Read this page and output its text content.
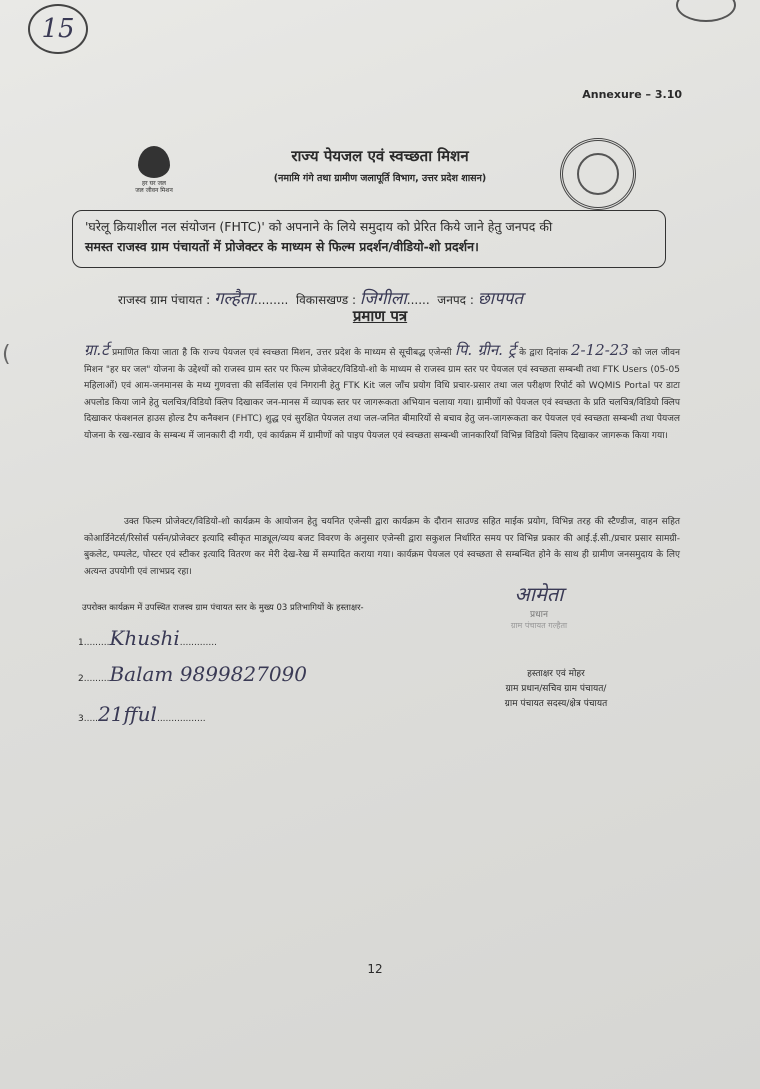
15
Annexure – 3.10
हर घर जल
जल जीवन मिशन
राज्य पेयजल एवं स्वच्छता मिशन
(नमामि गंगे तथा ग्रामीण जलापूर्ति विभाग, उत्तर प्रदेश शासन)
'घरेलू क्रियाशील नल संयोजन (FHTC)' को अपनाने के लिये समुदाय को प्रेरित किये जाने हेतु जनपद की
समस्त राजस्व ग्राम पंचायतों में प्रोजेक्टर के माध्यम से फिल्म प्रदर्शन/वीडियो-शो प्रदर्शन।
राजस्व ग्राम पंचायत : गल्हैता.........  विकासखण्ड : जिगीला......  जनपद : छापपत
प्रमाण पत्र
(	ग्रा.र्ट प्रमाणित किया जाता है कि राज्य पेयजल एवं स्वच्छता मिशन, उत्तर प्रदेश के माध्यम से सूचीबद्ध एजेन्सी पि. ग्रीन. र्ट्र के द्वारा दिनांक 2-12-23 को जल जीवन मिशन "हर घर जल" योजना के उद्देश्यों को राजस्व ग्राम स्तर पर फिल्म प्रोजेक्टर/विडियो-शो के माध्यम से राजस्व ग्राम स्तर पर पेयजल एवं स्वच्छता सम्बन्धी तथा FTK Users (05-05 महिलाओं) एवं आम-जनमानस के मध्य गुणवत्ता की सर्विलांस एवं निगरानी हेतु FTK Kit जल जाँच प्रयोग विधि प्रचार-प्रसार तथा जल परीक्षण रिपोर्ट को WQMIS Portal पर डाटा अपलोड किया जाने हेतु चलचित्र/विडियो क्लिप दिखाकर जन-मानस में व्यापक स्तर पर जागरूकता अभियान चलाया गया। ग्रामीणों को पेयजल एवं स्वच्छता के प्रति चलचित्र/विडियो क्लिप दिखाकर फंक्शनल हाउस होल्ड टैप कनैक्शन (FHTC) शुद्ध एवं सुरक्षित पेयजल तथा जल-जनित बीमारियों से बचाव हेतु जन-जागरूकता कर पेयजल एवं स्वच्छता सम्बन्धी तथा पेयजल योजना के रख-रखाव के सम्बन्ध में जानकारी दी गयी, एवं कार्यक्रम में ग्रामीणों को पाइप पेयजल एवं स्वच्छता सम्बन्धी जानकारियाँ विभिन्न विडियो क्लिप दिखाकर जागरूक किया गया।
उक्त फिल्म प्रोजेक्टर/विडियो-शो कार्यक्रम के आयोजन हेतु चयनित एजेन्सी द्वारा कार्यक्रम के दौरान साउण्ड सहित माईक प्रयोग, विभिन्न तरह की स्टैण्डीज, वाहन सहित कोआर्डिनेटर्स/रिसोर्स पर्सन/प्रोजेक्टर इत्यादि स्वीकृत माड्यूल/व्यय बजट विवरण के अनुसार एजेन्सी द्वारा सकुशल निर्धारित समय पर विभिन्न प्रकार की आई.ई.सी./प्रचार प्रसार सामग्री-बुकलेट, पम्पलेट, पोस्टर एवं स्टीकर इत्यादि वितरण कर मेरी देख-रेख में सम्पादित कराया गया। कार्यक्रम पेयजल एवं स्वच्छता से सम्बन्धित होने के साथ ही ग्रामीण जनसमुदाय के लिए अत्यन्त उपयोगी एवं लाभप्रद रहा।
उपरोक्त कार्यक्रम में उपस्थित राजस्व ग्राम पंचायत स्तर के मुख्य 03 प्रतिभागियों के हस्ताक्षर-
1.........Khushi.............
2.........Balam 9899827090
3.....21fful.................
आमेता
प्रधान
ग्राम पंचायत गल्हैता
हस्ताक्षर एवं मोहर
ग्राम प्रधान/सचिव ग्राम पंचायत/
ग्राम पंचायत सदस्य/क्षेत्र पंचायत
12
